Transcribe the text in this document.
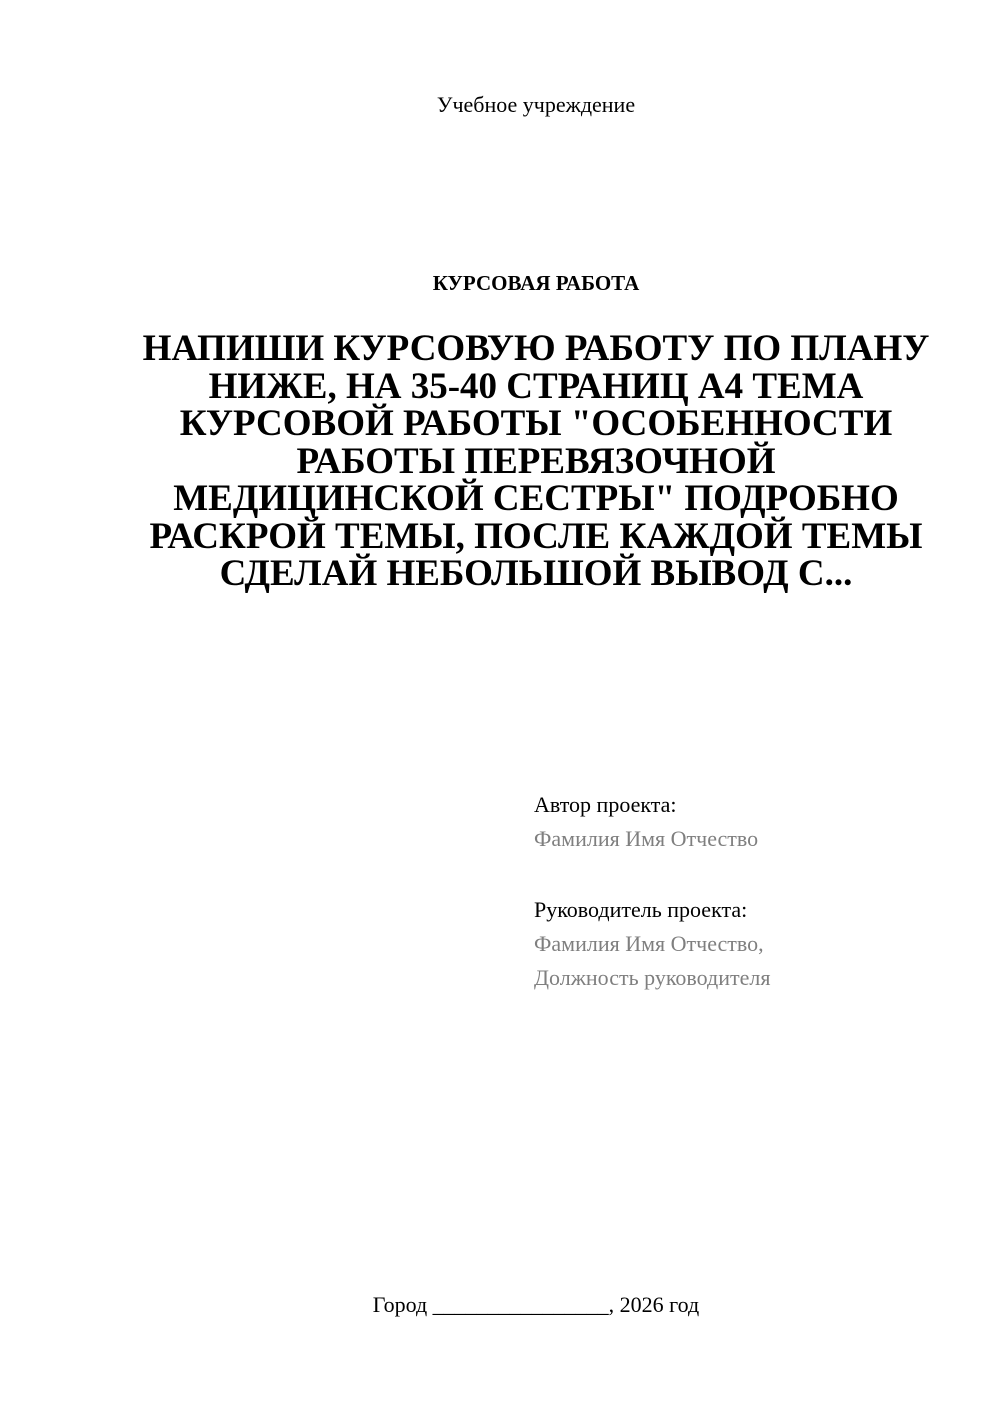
Учебное учреждение
КУРСОВАЯ РАБОТА
НАПИШИ КУРСОВУЮ РАБОТУ ПО ПЛАНУ НИЖЕ, НА 35-40 СТРАНИЦ А4 ТЕМА КУРСОВОЙ РАБОТЫ "ОСОБЕННОСТИ РАБОТЫ ПЕРЕВЯЗОЧНОЙ МЕДИЦИНСКОЙ СЕСТРЫ" ПОДРОБНО РАСКРОЙ ТЕМЫ, ПОСЛЕ КАЖДОЙ ТЕМЫ СДЕЛАЙ НЕБОЛЬШОЙ ВЫВОД С...

Автор проекта:

Фамилия Имя Отчество

Руководитель проекта:

Фамилия Имя Отчество,

Должность руководителя

Город ________________, 2026 год
